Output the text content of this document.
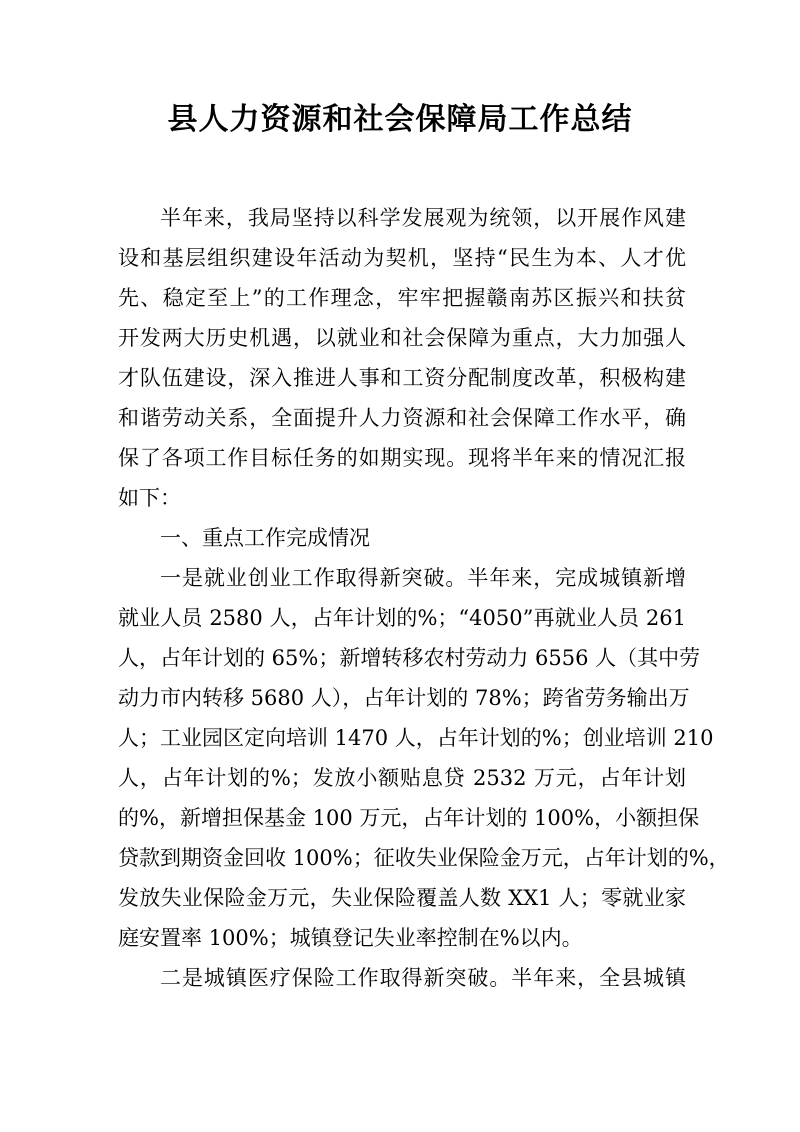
县人力资源和社会保障局工作总结
半年来，我局坚持以科学发展观为统领，以开展作风建
设和基层组织建设年活动为契机，坚持“民生为本、人才优
先、稳定至上”的工作理念，牢牢把握赣南苏区振兴和扶贫
开发两大历史机遇，以就业和社会保障为重点，大力加强人
才队伍建设，深入推进人事和工资分配制度改革，积极构建
和谐劳动关系，全面提升人力资源和社会保障工作水平，确
保了各项工作目标任务的如期实现。现将半年来的情况汇报
如下：
一、重点工作完成情况
一是就业创业工作取得新突破。半年来，完成城镇新增
就业人员 2580 人，占年计划的%；“4050”再就业人员 261
人，占年计划的 65%；新增转移农村劳动力 6556 人（其中劳
动力市内转移 5680 人），占年计划的 78%；跨省劳务输出万
人；工业园区定向培训 1470 人，占年计划的%；创业培训 210
人，占年计划的%；发放小额贴息贷 2532 万元，占年计划
的%，新增担保基金 100 万元，占年计划的 100%，小额担保
贷款到期资金回收 100%；征收失业保险金万元，占年计划的%，
发放失业保险金万元，失业保险覆盖人数 XX1 人；零就业家
庭安置率 100%；城镇登记失业率控制在%以内。
二是城镇医疗保险工作取得新突破。半年来，全县城镇
